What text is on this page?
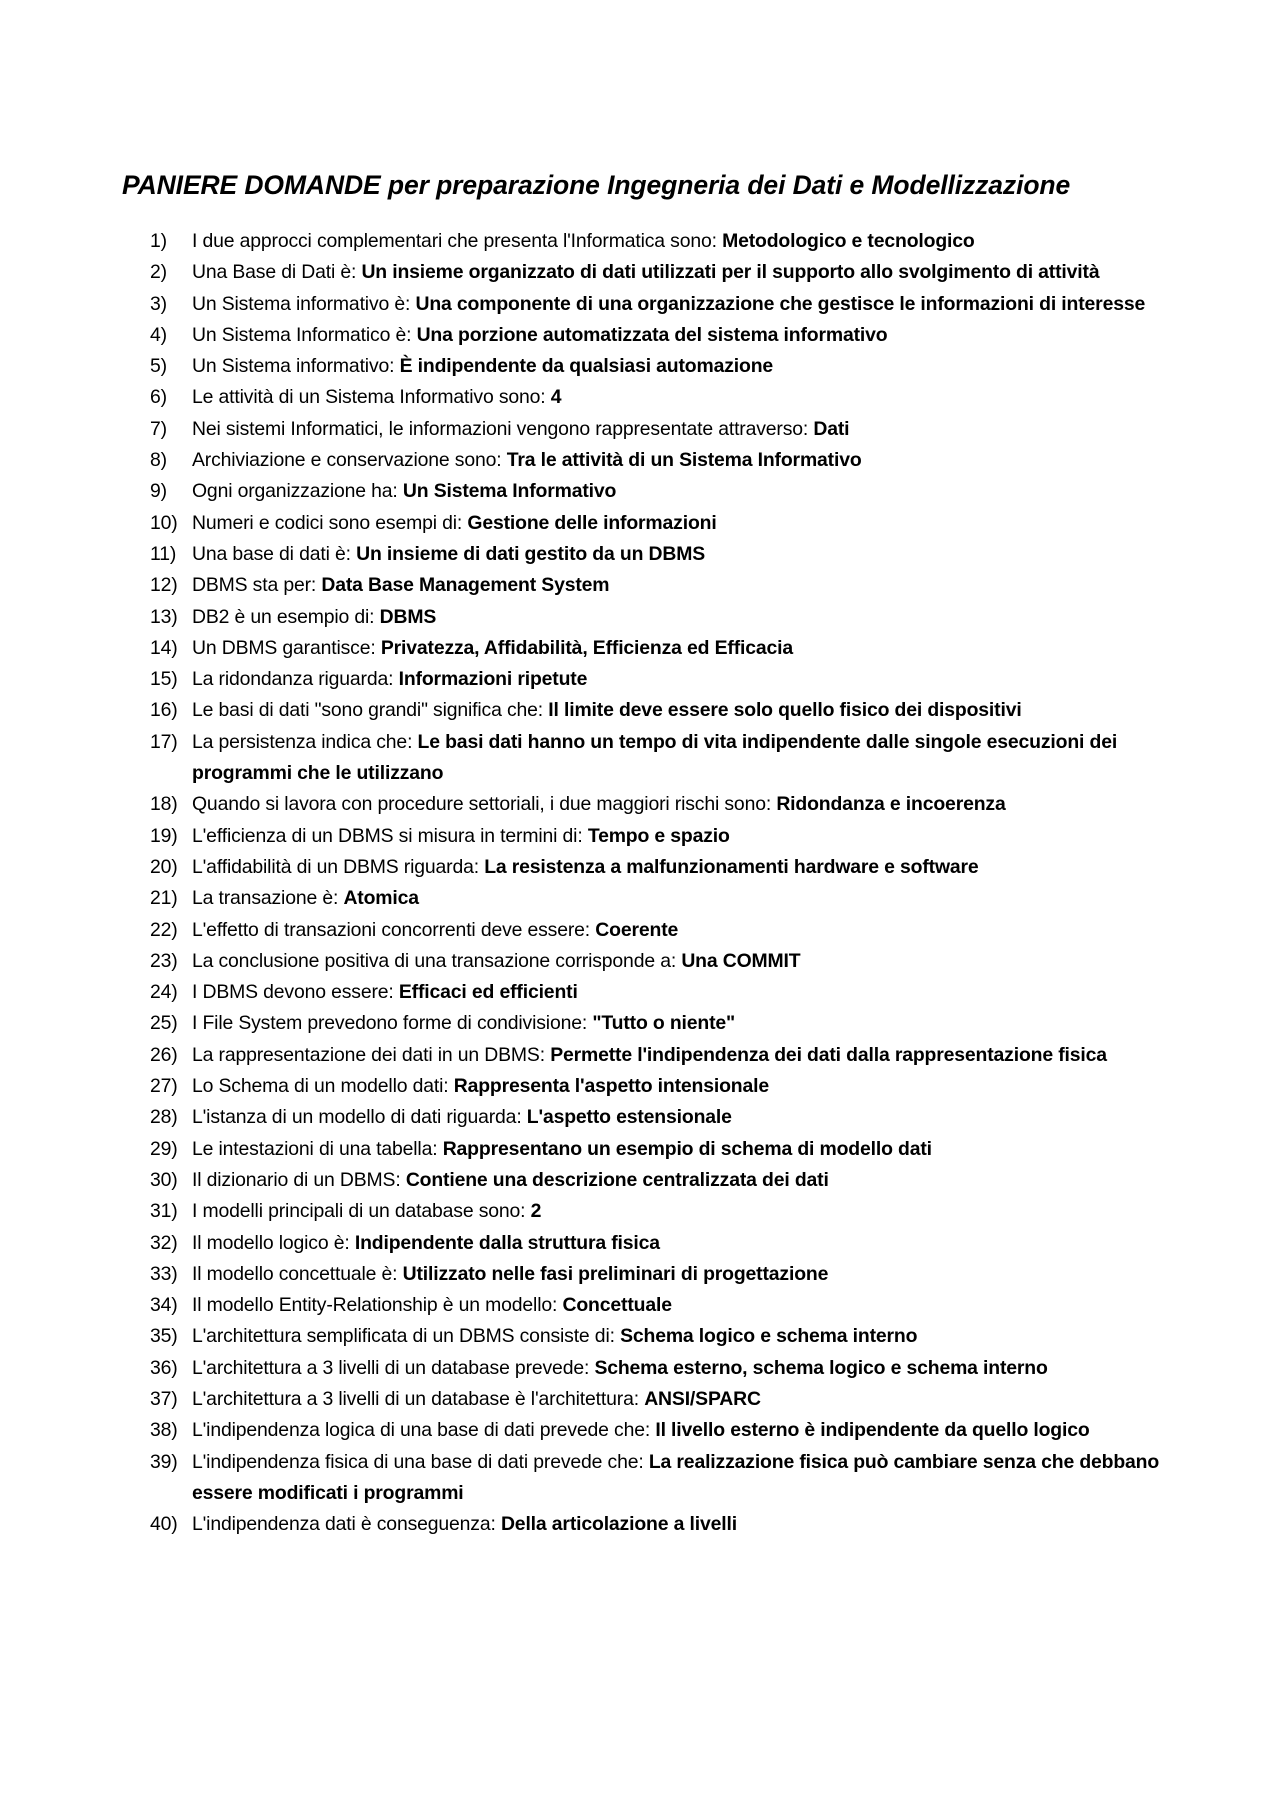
PANIERE DOMANDE per preparazione Ingegneria dei Dati e Modellizzazione
1) I due approcci complementari che presenta l'Informatica sono: Metodologico e tecnologico
2) Una Base di Dati è: Un insieme organizzato di dati utilizzati per il supporto allo svolgimento di attività
3) Un Sistema informativo è: Una componente di una organizzazione che gestisce le informazioni di interesse
4) Un Sistema Informatico è: Una porzione automatizzata del sistema informativo
5) Un Sistema informativo: È indipendente da qualsiasi automazione
6) Le attività di un Sistema Informativo sono: 4
7) Nei sistemi Informatici, le informazioni vengono rappresentate attraverso: Dati
8) Archiviazione e conservazione sono: Tra le attività di un Sistema Informativo
9) Ogni organizzazione ha: Un Sistema Informativo
10) Numeri e codici sono esempi di: Gestione delle informazioni
11) Una base di dati è: Un insieme di dati gestito da un DBMS
12) DBMS sta per: Data Base Management System
13) DB2 è un esempio di: DBMS
14) Un DBMS garantisce: Privatezza, Affidabilità, Efficienza ed Efficacia
15) La ridondanza riguarda: Informazioni ripetute
16) Le basi di dati "sono grandi" significa che: Il limite deve essere solo quello fisico dei dispositivi
17) La persistenza indica che: Le basi dati hanno un tempo di vita indipendente dalle singole esecuzioni dei programmi che le utilizzano
18) Quando si lavora con procedure settoriali, i due maggiori rischi sono: Ridondanza e incoerenza
19) L'efficienza di un DBMS si misura in termini di: Tempo e spazio
20) L'affidabilità di un DBMS riguarda: La resistenza a malfunzionamenti hardware e software
21) La transazione è: Atomica
22) L'effetto di transazioni concorrenti deve essere: Coerente
23) La conclusione positiva di una transazione corrisponde a: Una COMMIT
24) I DBMS devono essere: Efficaci ed efficienti
25) I File System prevedono forme di condivisione: "Tutto o niente"
26) La rappresentazione dei dati in un DBMS: Permette l'indipendenza dei dati dalla rappresentazione fisica
27) Lo Schema di un modello dati: Rappresenta l'aspetto intensionale
28) L'istanza di un modello di dati riguarda: L'aspetto estensionale
29) Le intestazioni di una tabella: Rappresentano un esempio di schema di modello dati
30) Il dizionario di un DBMS: Contiene una descrizione centralizzata dei dati
31) I modelli principali di un database sono: 2
32) Il modello logico è: Indipendente dalla struttura fisica
33) Il modello concettuale è: Utilizzato nelle fasi preliminari di progettazione
34) Il modello Entity-Relationship è un modello: Concettuale
35) L'architettura semplificata di un DBMS consiste di: Schema logico e schema interno
36) L'architettura a 3 livelli di un database prevede: Schema esterno, schema logico e schema interno
37) L'architettura a 3 livelli di un database è l'architettura: ANSI/SPARC
38) L'indipendenza logica di una base di dati prevede che: Il livello esterno è indipendente da quello logico
39) L'indipendenza fisica di una base di dati prevede che: La realizzazione fisica può cambiare senza che debbano essere modificati i programmi
40) L'indipendenza dati è conseguenza: Della articolazione a livelli
